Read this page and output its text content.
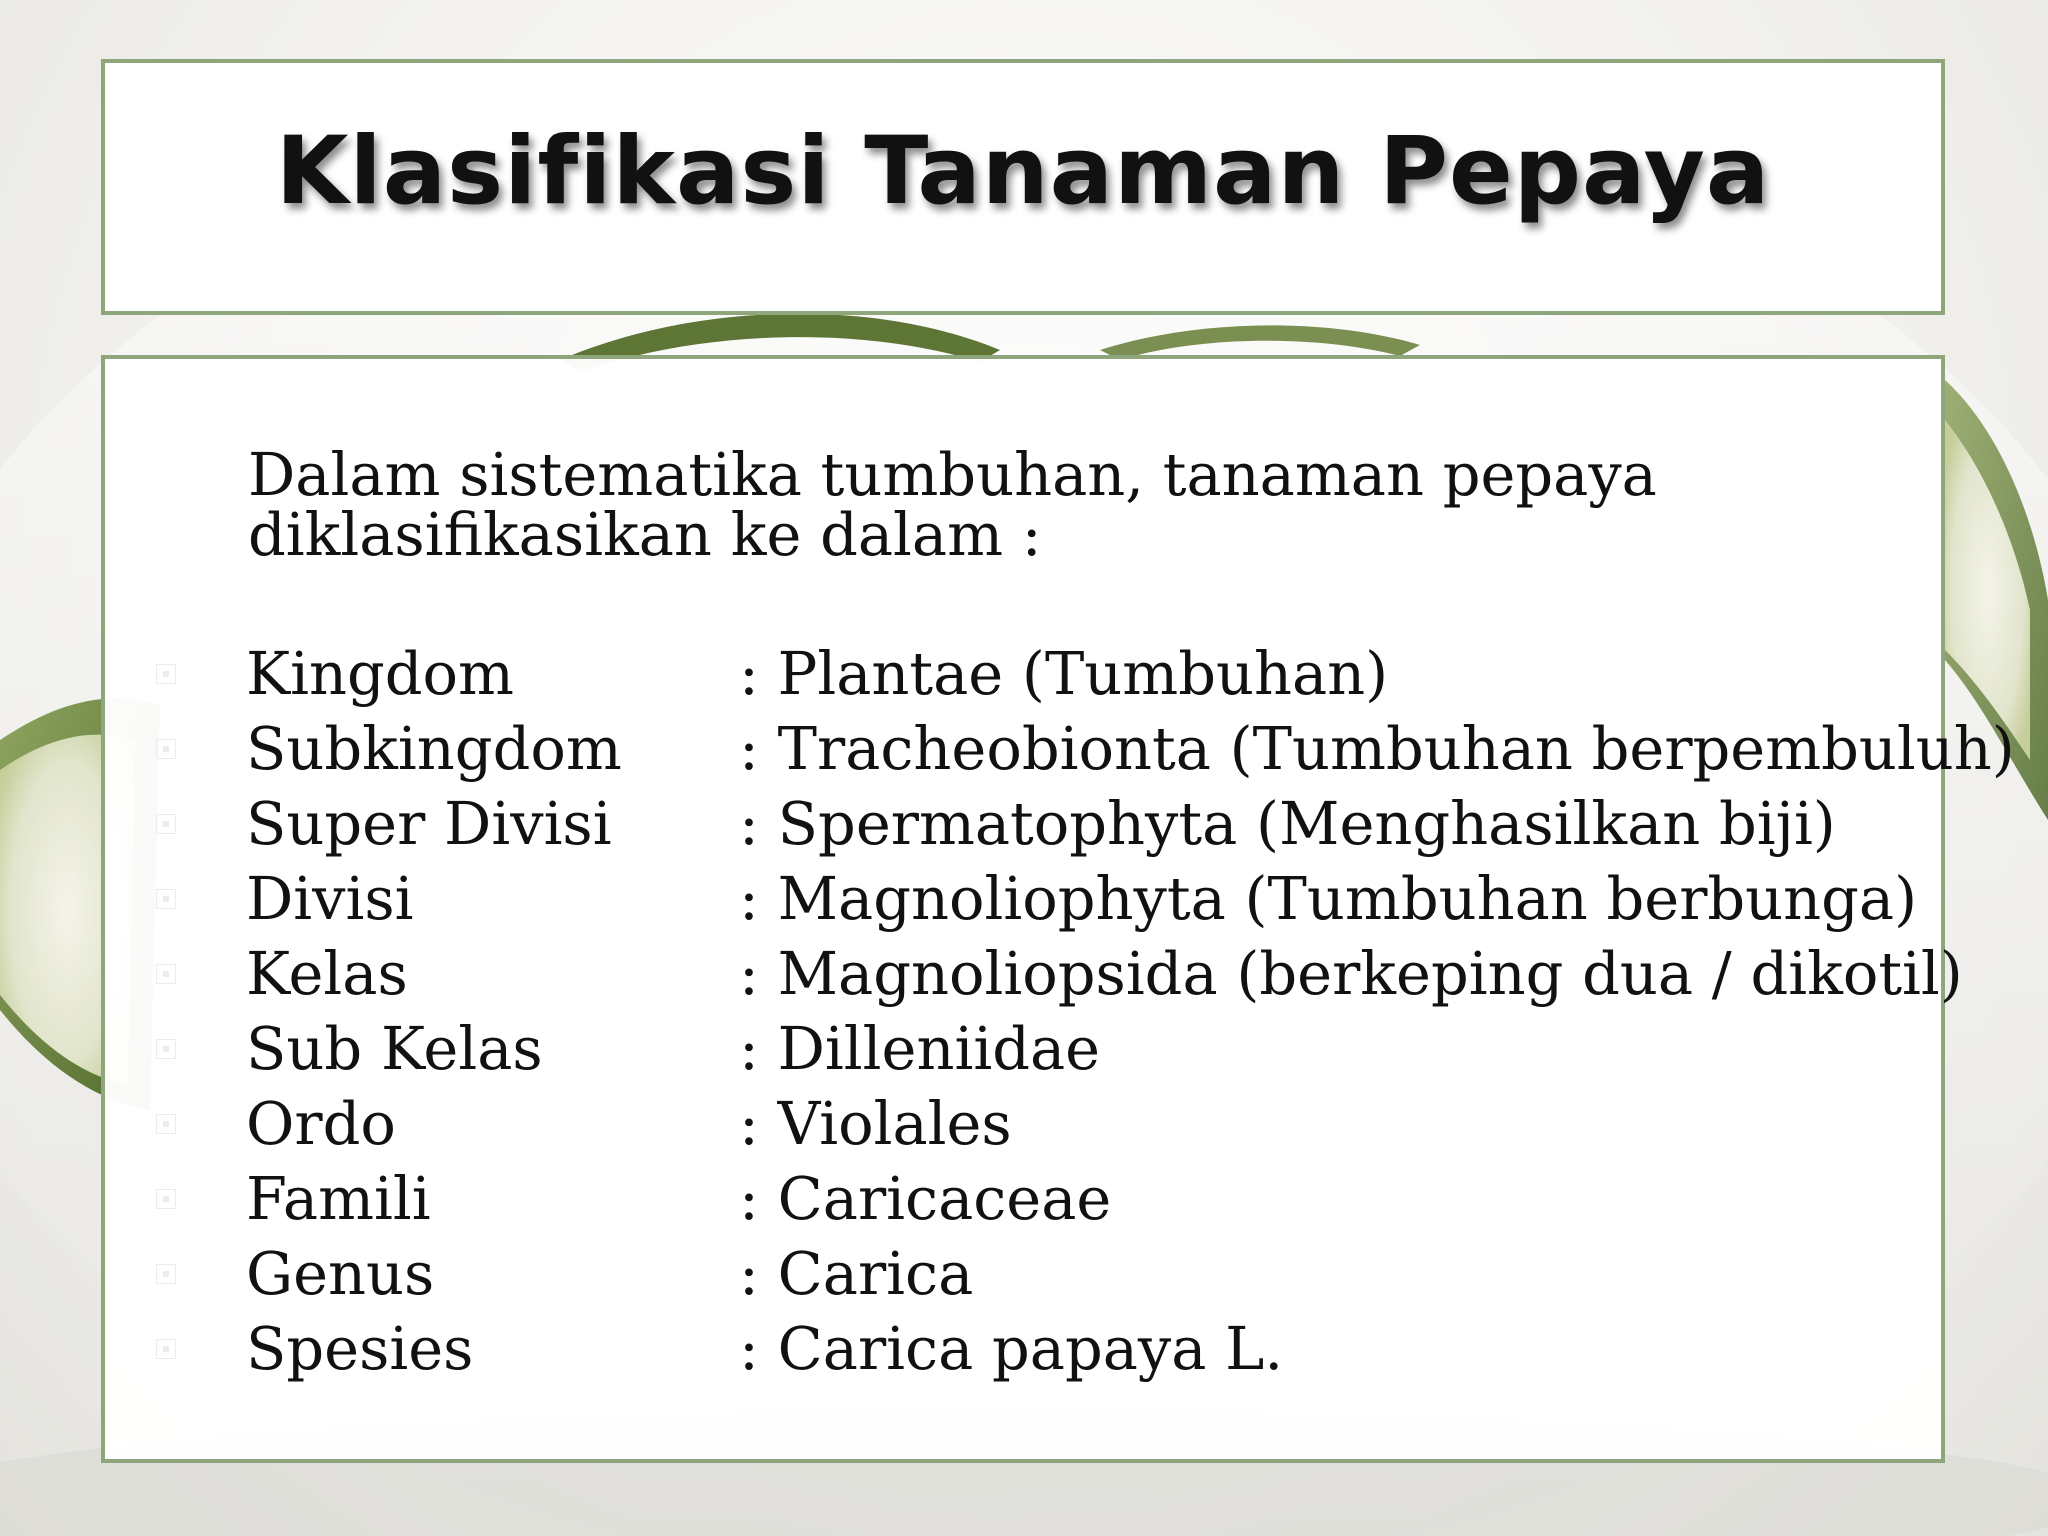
Klasifikasi Tanaman Pepaya

Dalam sistematika tumbuhan, tanaman pepaya
diklasifikasikan ke dalam :

Kingdom	: Plantae (Tumbuhan)
Subkingdom : Tracheobionta (Tumbuhan berpembuluh)
Super Divisi : Spermatophyta (Menghasilkan biji)
Divisi	: Magnoliophyta (Tumbuhan berbunga)
Kelas	: Magnoliopsida (berkeping dua / dikotil)
Sub Kelas	: Dilleniidae
Ordo	: Violales
Famili	: Caricaceae
Genus	: Carica
Spesies	: Carica papaya L.
